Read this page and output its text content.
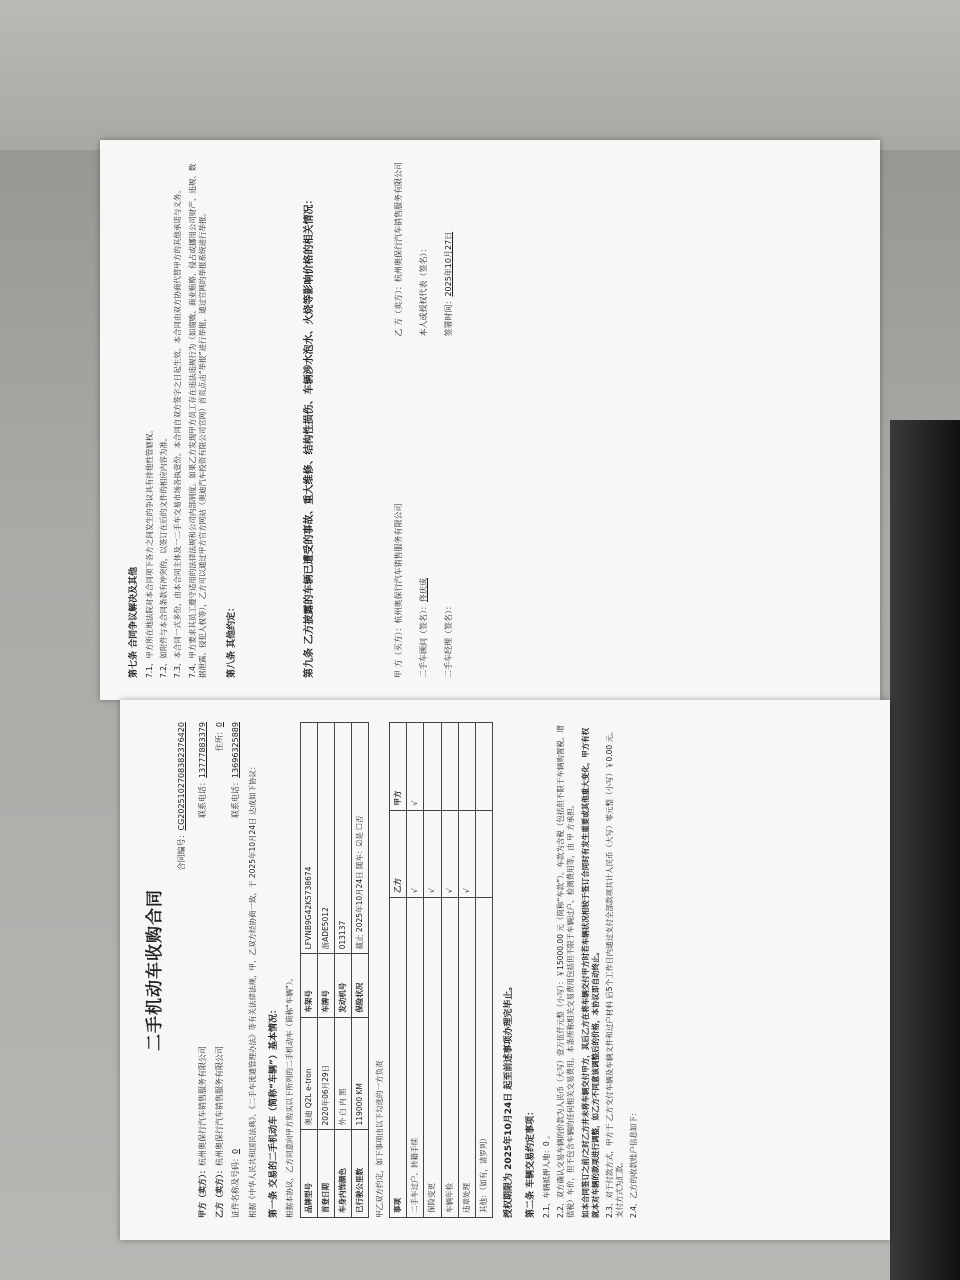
第七条 合同争议解决及其他 7.1、甲方所在地法院对本合同项下各方之间发生的争议具有排他性管辖权。 7.2、如附件与本合同条款有冲突的，以签订在后的文件的相应内容为准。 7.3、本合同一式多份，由本合同主体及一二手车交易市场各执壹份。本合同自双方签字之日起生效。本合同由双方协商代替甲方的其他承诺与义务。 7.4、甲方要求其员工遵守适用的法律法规和公司内部制度。如果乙方发现甲方员工存在违法违规行为（如腐败、商业贿赂、侵占或挪用公司财产、违规、数据泄露、侵犯人权等），乙方可以通过甲方官方网站（奥迪汽车投资有限公司官网）首页点击“举报”进行举报，通过官网的举报系统进行举报。 第八条 其他约定：	第九条 乙方披露的车辆已遭受的事故、重大维修、结构性损伤、车辆涉水泡水、火烧等影响价格的相关情况：	甲 方（买方）：杭州奥保行汽车销售服务有限公司
二手车顾问（签名）：佟庆成
二手车经理（签名）：
乙 方（卖方）：杭州奥保行汽车销售服务有限公司
本人或授权代表（签名）： 签署时间：2025年10月27日
二手机动车收购合同
合同编号：CG20251027083823764​20
甲方（卖方）：杭州奥保行汽车销售服务有限公司
联系电话：13777883379
乙方（卖方）：杭州奥保行汽车销售服务有限公司
住所：0
证件名称及号码：0
联系电话：13696325889
根据《中华人民共和国民法典》、《二手车流通管理办法》等有关法律法规，甲、乙双方经协商一致，于 2025年10月24日 达成如下协议： 第一条 交易的二手机动车（简称“车辆”）基本情况： 根据本协议，乙方同意向甲方购买以下所列的二手机动车（简称“车辆”）。 品牌型号	奥迪 Q2L e-tron	车架号	LFVNB9G42K5738674
首登日期	2020年06月29日	车牌号	浙ADE5012
车身内饰颜色	外 白 内 黑	发动机号	013137
已行驶公里数	119000 KM	保险状况	截止 2025年10月24日 随车：☑是 ☐否
甲乙双方约定，如下事项由以下勾选的一方负责 事项	乙方	甲方
二手车过户、转籍手续	√	√
保险变更	√	
车辆年检	√	
违章处理	√	
其他：（如有，请罗列）		授权期限为 2025年10月24日 起至前述事项办理完毕止。 第二条 车辆交易约定事项： 2.1、车辆抵押人地：0 。 2.2、双方确认交易车辆的价款为人民币（大写）壹万伍仟元整（小写）：￥15000.00 元（简称“车款”）。车款为含税（包括但不限于车辆购置税、增值税）车价，但不包含车辆的任何相关交易费用。本条所称相关交易费用包括但不限于车辆过户、检测费用等，由 甲 方承担。 如本合同签订之前/之时乙方并未将车辆交付甲方，其后乙方在将车辆交付甲方时若车辆状况相较于签订合同时有发生重要或其他重大变化，甲方有权就本对车辆的款项进行调整，如乙方不同意该调整后的价格，本协议即自动终止。 2.3、对于付款方式，甲方于 乙方交付车辆及车辆文件和过户材料 后5个工作日内通过支付全部款项共计人民币（大写）零元整（小写）￥0.00 元。支付方式为汇款。 2.4、乙方的收款账户信息如下：
